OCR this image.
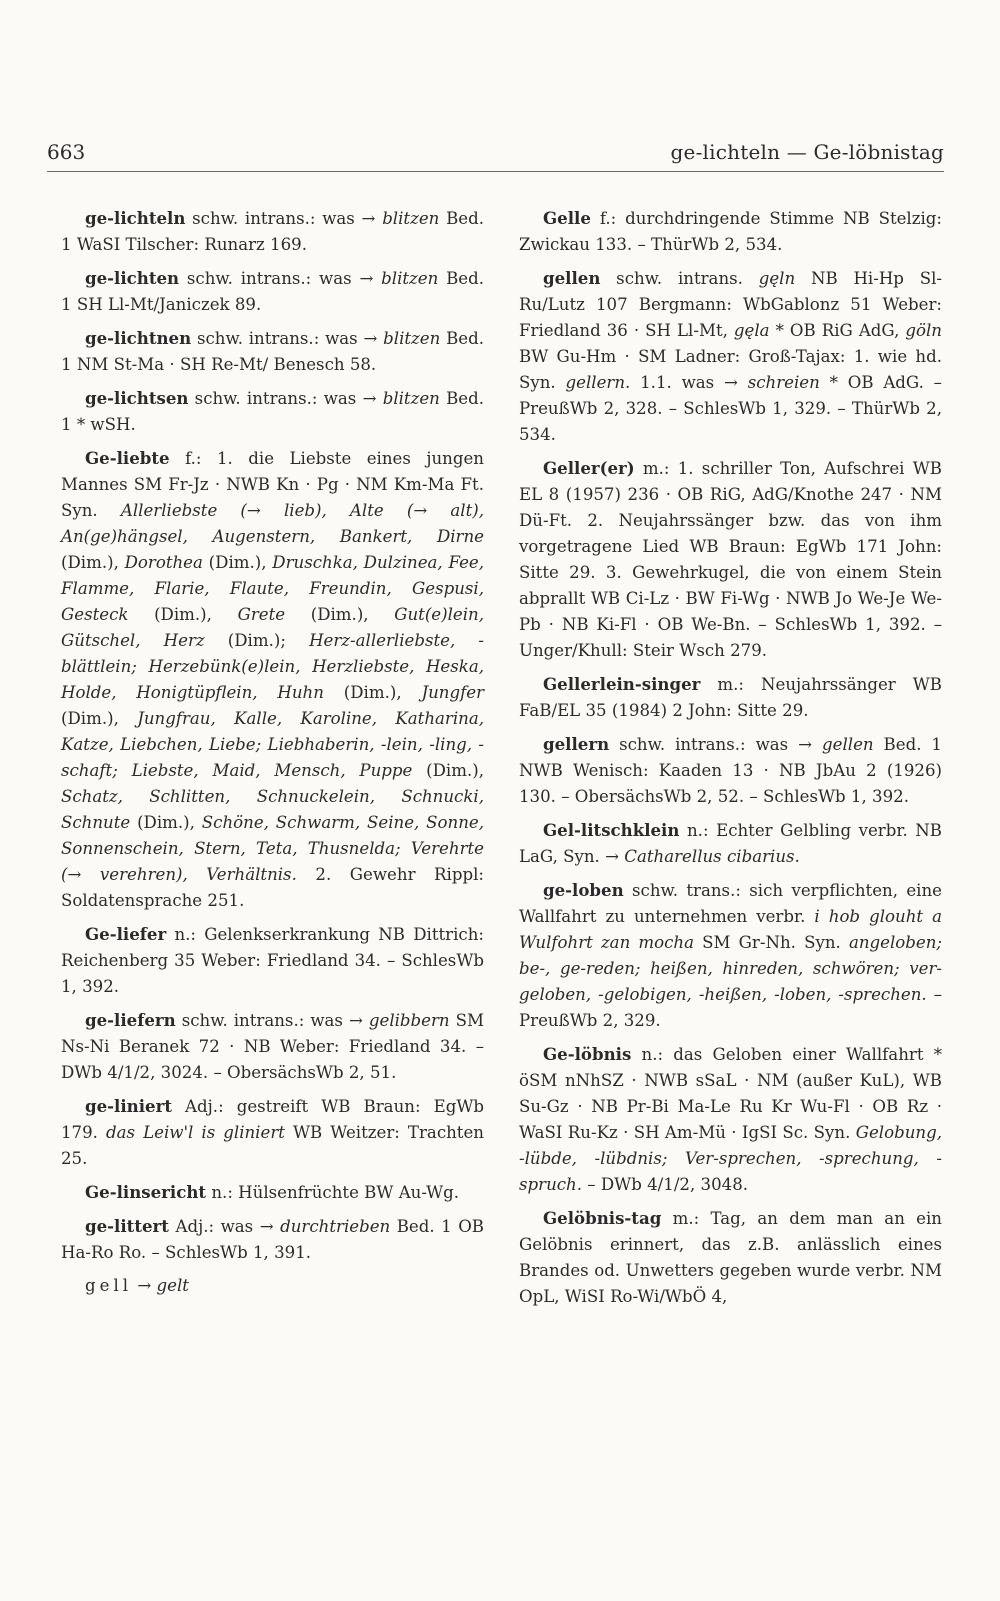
663	ge-lichteln — Ge-löbnistag

ge-lichteln schw. intrans.: was → blitzen Bed. 1 WaSI Tilscher: Runarz 169.

ge-lichten schw. intrans.: was → blitzen Bed. 1 SH Ll-Mt/Janiczek 89.

ge-lichtnen schw. intrans.: was → blitzen Bed. 1 NM St-Ma · SH Re-Mt/ Benesch 58.

ge-lichtsen schw. intrans.: was → blitzen Bed. 1 * wSH.

Ge-liebte f.: 1. die Liebste eines jungen Mannes SM Fr-Jz · NWB Kn · Pg · NM Km-Ma Ft. Syn. Allerliebste (→ lieb), Alte (→ alt), An(ge)hängsel, Augenstern, Bankert, Dirne (Dim.), Dorothea (Dim.), Druschka, Dulzinea, Fee, Flamme, Flarie, Flaute, Freundin, Gespusi, Gesteck (Dim.), Grete (Dim.), Gut(e)lein, Gütschel, Herz (Dim.); Herz-allerliebste, -blättlein; Herzebünk(e)lein, Herzliebste, Heska, Holde, Honigtüpflein, Huhn (Dim.), Jungfer (Dim.), Jungfrau, Kalle, Karoline, Katharina, Katze, Liebchen, Liebe; Liebhaberin, -lein, -ling, -schaft; Liebste, Maid, Mensch, Puppe (Dim.), Schatz, Schlitten, Schnuckelein, Schnucki, Schnute (Dim.), Schöne, Schwarm, Seine, Sonne, Sonnenschein, Stern, Teta, Thusnelda; Verehrte (→ verehren), Verhältnis. 2. Gewehr Rippl: Soldatensprache 251.

Ge-liefer n.: Gelenkserkrankung NB Dittrich: Reichenberg 35 Weber: Friedland 34. – SchlesWb 1, 392.

ge-liefern schw. intrans.: was → gelibbern SM Ns-Ni Beranek 72 · NB Weber: Friedland 34. – DWb 4/1/2, 3024. – ObersächsWb 2, 51.

ge-liniert Adj.: gestreift WB Braun: EgWb 179. das Leiw'l is gliniert WB Weitzer: Trachten 25.

Ge-linsericht n.: Hülsenfrüchte BW Au-Wg.

ge-littert Adj.: was → durchtrieben Bed. 1 OB Ha-Ro Ro. – SchlesWb 1, 391.

gell → gelt

Gelle f.: durchdringende Stimme NB Stelzig: Zwickau 133. – ThürWb 2, 534.

gellen schw. intrans. gęln NB Hi-Hp Sl-Ru/Lutz 107 Bergmann: WbGablonz 51 Weber: Friedland 36 · SH Ll-Mt, gęla * OB RiG AdG, göln BW Gu-Hm · SM Ladner: Groß-Tajax: 1. wie hd. Syn. gellern. 1.1. was → schreien * OB AdG. – PreußWb 2, 328. – SchlesWb 1, 329. – ThürWb 2, 534.

Geller(er) m.: 1. schriller Ton, Aufschrei WB EL 8 (1957) 236 · OB RiG, AdG/Knothe 247 · NM Dü-Ft. 2. Neujahrssänger bzw. das von ihm vorgetragene Lied WB Braun: EgWb 171 John: Sitte 29. 3. Gewehrkugel, die von einem Stein abprallt WB Ci-Lz · BW Fi-Wg · NWB Jo We-Je We-Pb · NB Ki-Fl · OB We-Bn. – SchlesWb 1, 392. – Unger/Khull: Steir Wsch 279.

Gellerlein-singer m.: Neujahrssänger WB FaB/EL 35 (1984) 2 John: Sitte 29.

gellern schw. intrans.: was → gellen Bed. 1 NWB Wenisch: Kaaden 13 · NB JbAu 2 (1926) 130. – ObersächsWb 2, 52. – SchlesWb 1, 392.

Gel-litschklein n.: Echter Gelbling verbr. NB LaG, Syn. → Catharellus cibarius.

ge-loben schw. trans.: sich verpflichten, eine Wallfahrt zu unternehmen verbr. i hob glouht a Wulfohrt zan mocha SM Gr-Nh. Syn. angeloben; be-, ge-reden; heißen, hinreden, schwören; ver-geloben, -gelobigen, -heißen, -loben, -sprechen. – PreußWb 2, 329.

Ge-löbnis n.: das Geloben einer Wallfahrt * öSM nNhSZ · NWB sSaL · NM (außer KuL), WB Su-Gz · NB Pr-Bi Ma-Le Ru Kr Wu-Fl · OB Rz · WaSI Ru-Kz · SH Am-Mü · IgSI Sc. Syn. Gelobung, -lübde, -lübdnis; Ver-sprechen, -sprechung, -spruch. – DWb 4/1/2, 3048.

Gelöbnis-tag m.: Tag, an dem man an ein Gelöbnis erinnert, das z.B. anlässlich eines Brandes od. Unwetters gegeben wurde verbr. NM OpL, WiSI Ro-Wi/WbÖ 4,
